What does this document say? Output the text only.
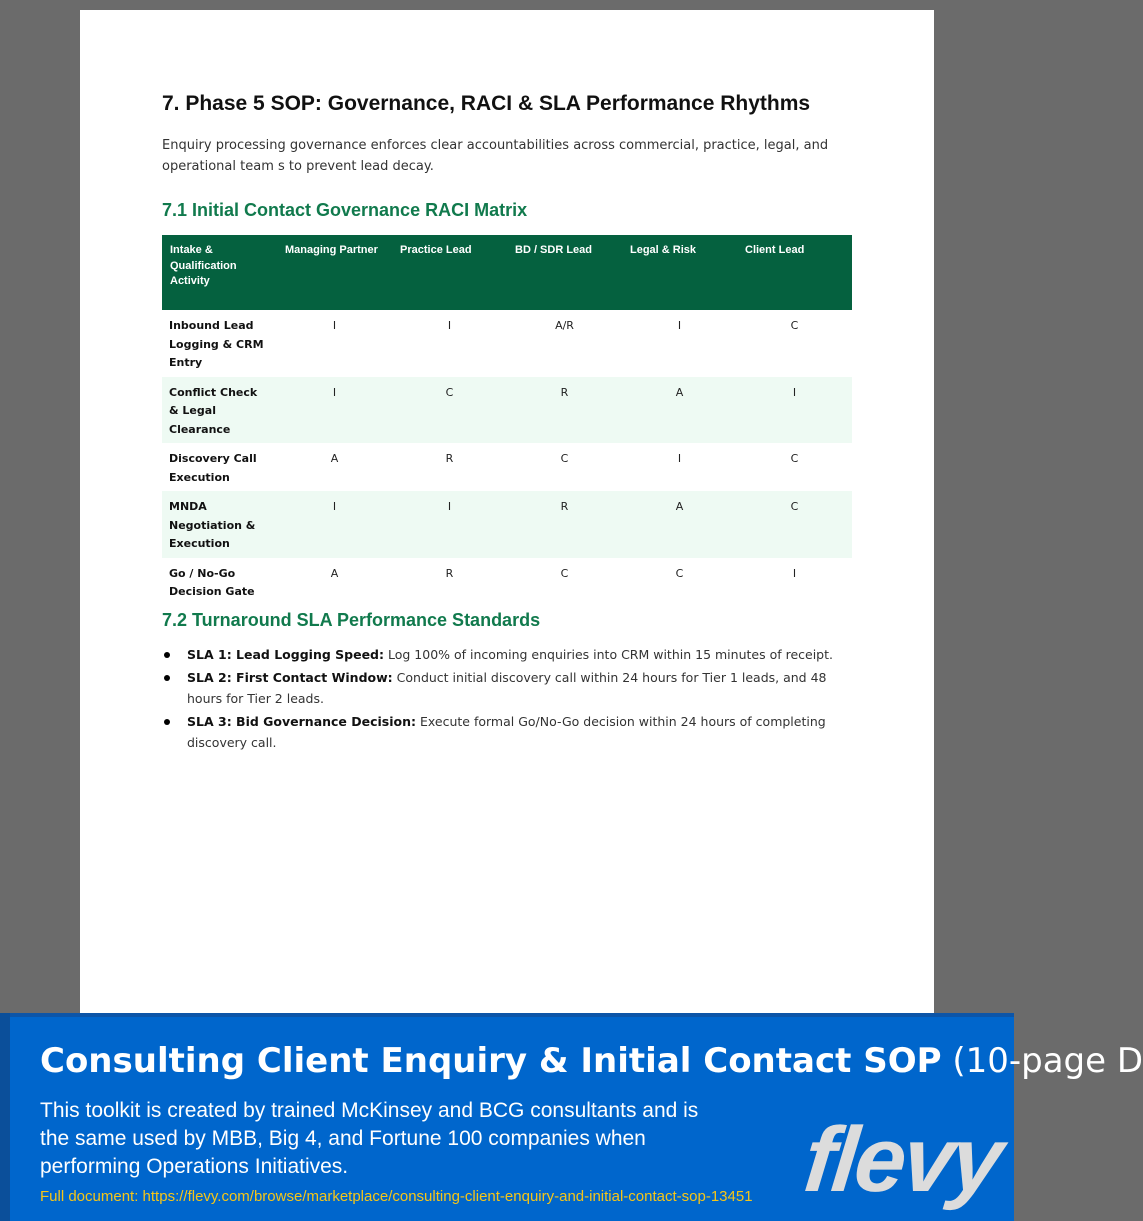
7. Phase 5 SOP: Governance, RACI & SLA Performance Rhythms
Enquiry processing governance enforces clear accountabilities across commercial, practice, legal, and operational team s to prevent lead decay.
7.1 Initial Contact Governance RACI Matrix
Intake & Qualification Activity	Managing Partner	Practice Lead	BD / SDR Lead	Legal & Risk	Client Lead
Inbound Lead Logging & CRM Entry	I	I	A/R	I	C
Conflict Check & Legal Clearance	I	C	R	A	I
Discovery Call Execution	A	R	C	I	C
MNDA Negotiation & Execution	I	I	R	A	C
Go / No-Go Decision Gate	A	R	C	C	I
7.2 Turnaround SLA Performance Standards
SLA 1: Lead Logging Speed: Log 100% of incoming enquiries into CRM within 15 minutes of receipt.
SLA 2: First Contact Window: Conduct initial discovery call within 24 hours for Tier 1 leads, and 48 hours for Tier 2 leads.
SLA 3: Bid Governance Decision: Execute formal Go/No-Go decision within 24 hours of completing discovery call.
Consulting Client Enquiry & Initial Contact SOP (10-page D
This toolkit is created by trained McKinsey and BCG consultants and is the same used by MBB, Big 4, and Fortune 100 companies when performing Operations Initiatives.
Full document: https://flevy.com/browse/marketplace/consulting-client-enquiry-and-initial-contact-sop-13451 flevy
